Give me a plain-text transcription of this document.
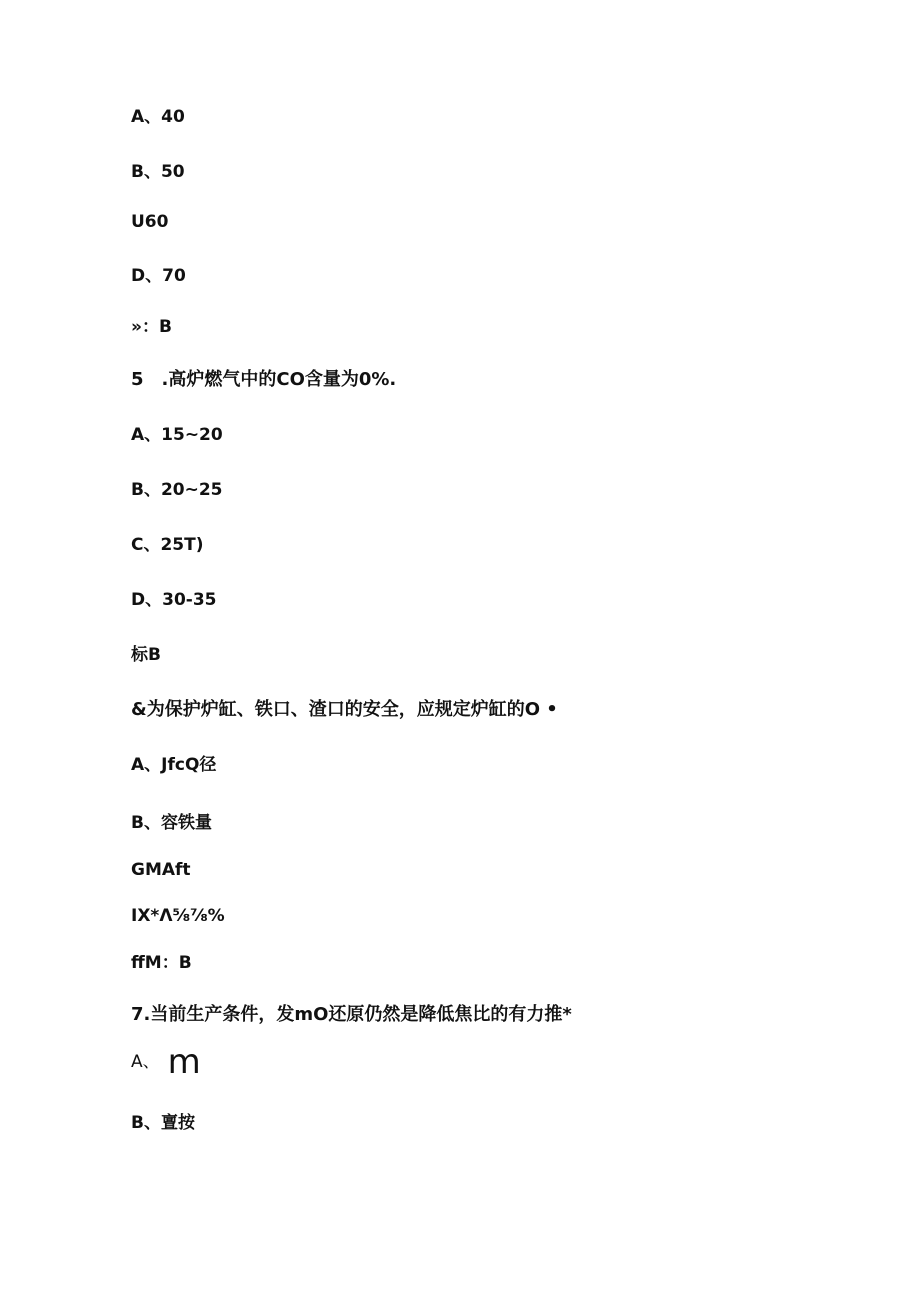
A、40
B、50
U60
D、70
»：B
5　.高炉燃气中的CO含量为0%.
A、15~20
B、20~25
C、25T)
D、30-35
标B
&为保护炉缸、铁口、渣口的安全，应规定炉缸的O •
A、JfcQ径
B、容铁量
GMAft
IX*Λ⅝⅞%
ffM：B
7.当前生产条件，发mO还原仍然是降低焦比的有力推*
A、 m
B、亶按
